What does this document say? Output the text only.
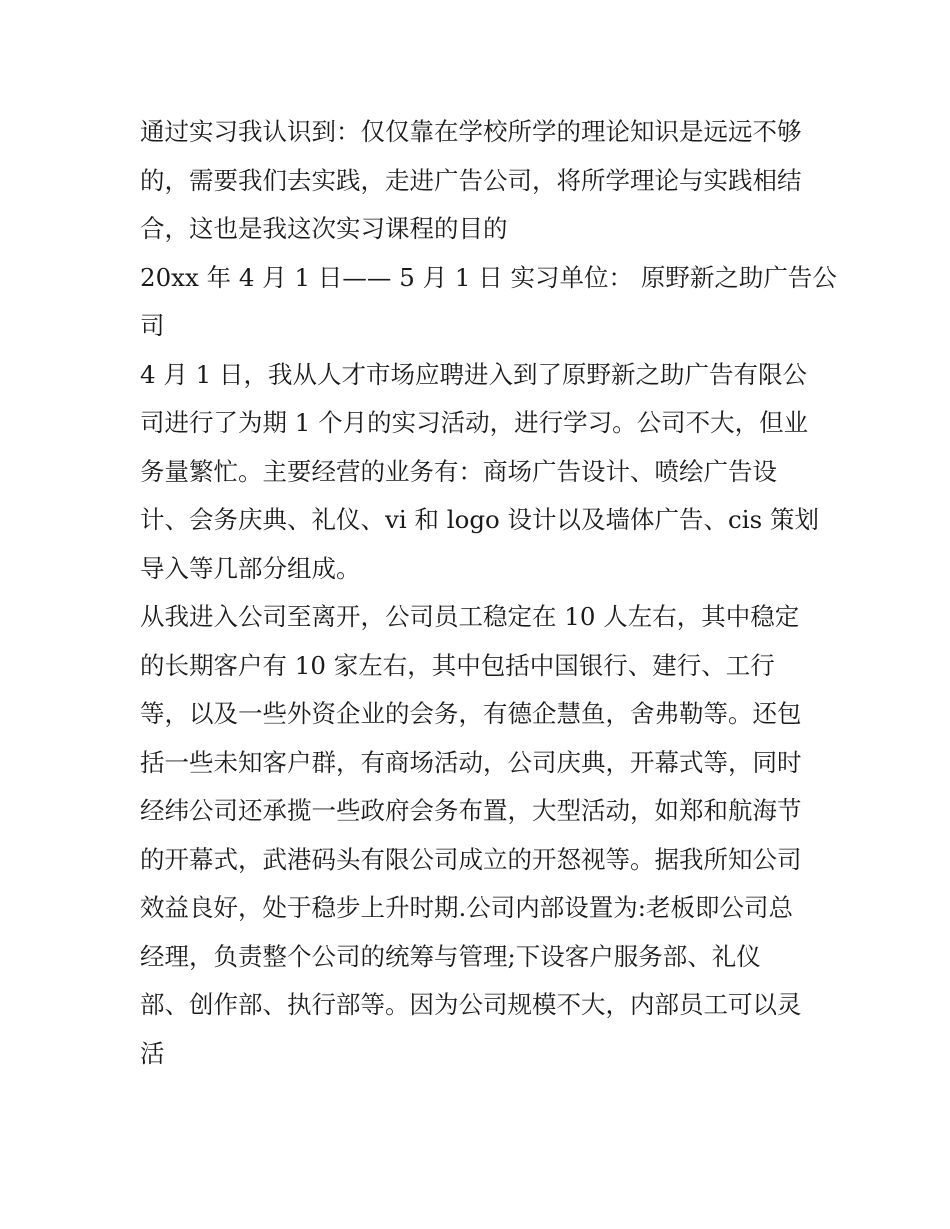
通过实习我认识到：仅仅靠在学校所学的理论知识是远远不够
的，需要我们去实践，走进广告公司，将所学理论与实践相结
合，这也是我这次实习课程的目的

20xx 年 4 月 1 日—— 5 月 1 日 实习单位： 原野新之助广告公
司

4 月 1 日，我从人才市场应聘进入到了原野新之助广告有限公
司进行了为期 1 个月的实习活动，进行学习。公司不大，但业
务量繁忙。主要经营的业务有：商场广告设计、喷绘广告设
计、会务庆典、礼仪、vi 和 logo 设计以及墙体广告、cis 策划
导入等几部分组成。

从我进入公司至离开，公司员工稳定在 10 人左右，其中稳定
的长期客户有 10 家左右，其中包括中国银行、建行、工行
等，以及一些外资企业的会务，有德企慧鱼，舍弗勒等。还包
括一些未知客户群，有商场活动，公司庆典，开幕式等，同时
经纬公司还承揽一些政府会务布置，大型活动，如郑和航海节
的开幕式，武港码头有限公司成立的开怒视等。据我所知公司
效益良好，处于稳步上升时期.公司内部设置为:老板即公司总
经理，负责整个公司的统筹与管理;下设客户服务部、礼仪
部、创作部、执行部等。因为公司规模不大，内部员工可以灵
活
